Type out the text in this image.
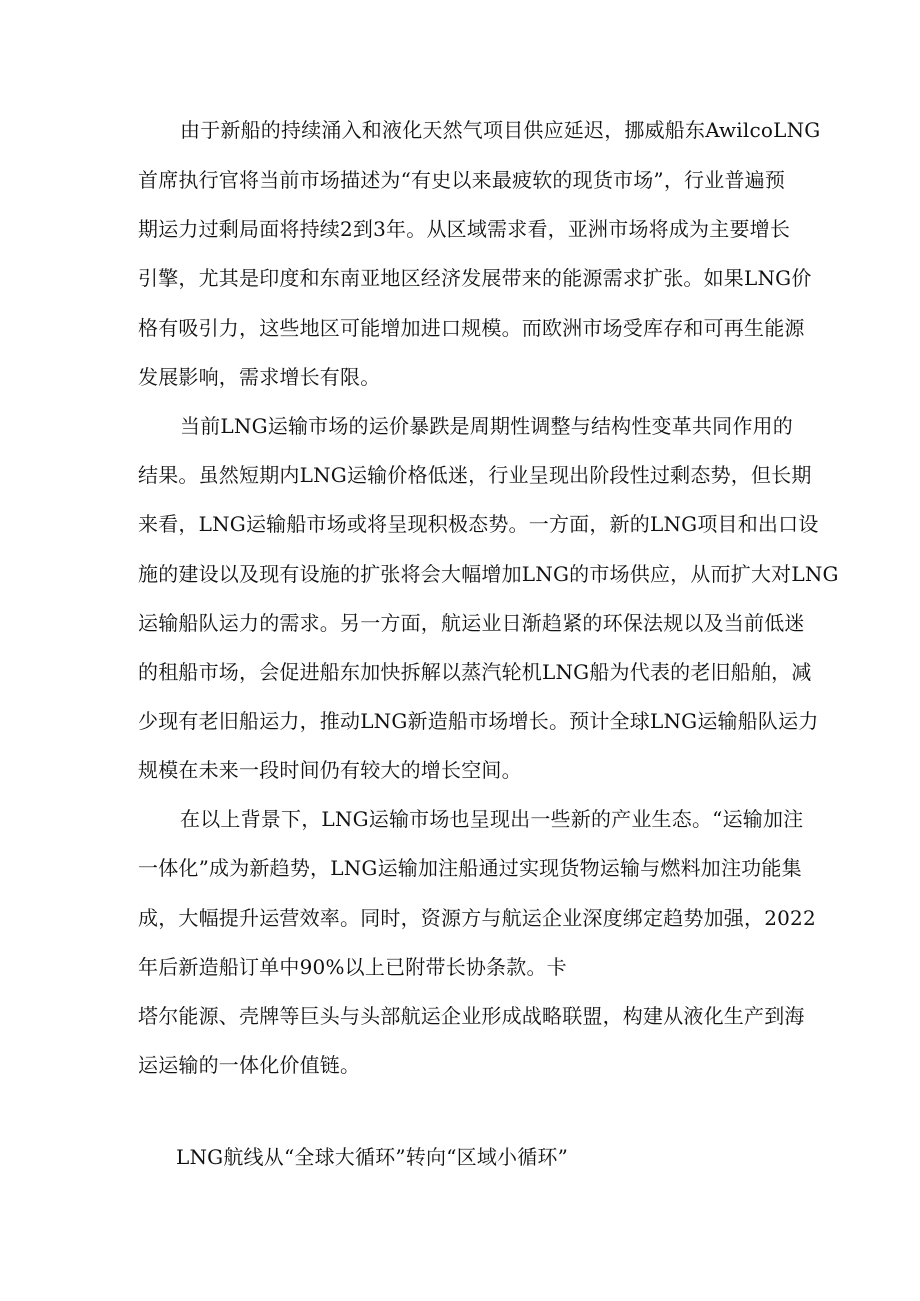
由于新船的持续涌入和液化天然气项目供应延迟，挪威船东AwilcoLNG
首席执行官将当前市场描述为“有史以来最疲软的现货市场”，行业普遍预
期运力过剩局面将持续2到3年。从区域需求看，亚洲市场将成为主要增长
引擎，尤其是印度和东南亚地区经济发展带来的能源需求扩张。如果LNG价
格有吸引力，这些地区可能增加进口规模。而欧洲市场受库存和可再生能源
发展影响，需求增长有限。
当前LNG运输市场的运价暴跌是周期性调整与结构性变革共同作用的
结果。虽然短期内LNG运输价格低迷，行业呈现出阶段性过剩态势，但长期
来看，LNG运输船市场或将呈现积极态势。一方面，新的LNG项目和出口设
施的建设以及现有设施的扩张将会大幅增加LNG的市场供应，从而扩大对LNG
运输船队运力的需求。另一方面，航运业日渐趋紧的环保法规以及当前低迷
的租船市场，会促进船东加快拆解以蒸汽轮机LNG船为代表的老旧船舶，减
少现有老旧船运力，推动LNG新造船市场增长。预计全球LNG运输船队运力
规模在未来一段时间仍有较大的增长空间。
在以上背景下，LNG运输市场也呈现出一些新的产业生态。“运输加注
一体化”成为新趋势，LNG运输加注船通过实现货物运输与燃料加注功能集
成，大幅提升运营效率。同时，资源方与航运企业深度绑定趋势加强，2022
年后新造船订单中90%以上已附带长协条款。卡
塔尔能源、壳牌等巨头与头部航运企业形成战略联盟，构建从液化生产到海
运运输的一体化价值链。
LNG航线从“全球大循环”转向“区域小循环”
